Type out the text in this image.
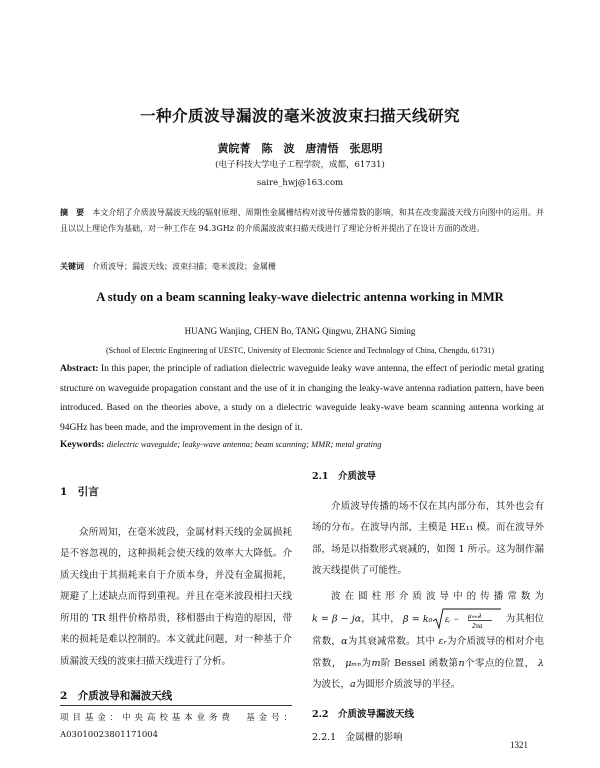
一种介质波导漏波的毫米波波束扫描天线研究
黄皖菁　陈　波　唐清悟　张思明
(电子科技大学电子工程学院，成都，61731)
saire_hwj@163.com
摘　要 本文介绍了介质波导漏波天线的辐射原理、周期性金属栅结构对波导传播常数的影响，和其在改变漏波天线方向图中的运用。并且以以上理论作为基础，对一种工作在 94.3GHz 的介质漏波波束扫描天线进行了理论分析并提出了在设计方面的改进。
关键词 介质波导；漏波天线；波束扫描；毫米波段；金属栅
A study on a beam scanning leaky-wave dielectric antenna working in MMR
HUANG Wanjing, CHEN Bo, TANG Qingwu, ZHANG Siming
(School of Electric Engineering of UESTC, University of Electronic Science and Technology of China, Chengdu, 61731)
Abstract: In this paper, the principle of radiation dielectric waveguide leaky wave antenna, the effect of periodic metal grating structure on waveguide propagation constant and the use of it in changing the leaky-wave antenna radiation pattern, have been introduced. Based on the theories above, a study on a dielectric waveguide leaky-wave beam scanning antenna working at 94GHz has been made, and the improvement in the design of it.
Keywords: dielectric waveguide; leaky-wave antenna; beam scanning; MMR; metal grating
1　引言

众所周知，在毫米波段，金属材料天线的金属损耗是不容忽视的，这种损耗会使天线的效率大大降低。介质天线由于其损耗来自于介质本身，并没有金属损耗，规避了上述缺点而得到重视。并且在毫米波段相扫天线所用的 TR 组件价格昂贵，移相器由于构造的原因，带来的损耗是难以控制的。本文就此问题，对一种基于介质漏波天线的波束扫描天线进行了分析。

2　介质波导和漏波天线
项目基金：中央高校基本业务费　基金号：A03010023801171004
2.1　介质波导

介质波导传播的场不仅在其内部分布，其外也会有场的分布。在波导内部，主模是 HE₁₁ 模。而在波导外部，场是以指数形式衰减的，如图 1 所示。这为制作漏波天线提供了可能性。

波在圆柱形介质波导中的传播常数为 k = β − jα，其中， β = k₀ εᵣ − μₘₙλ
2πa
为其相位常数，α为其衰减常数。其中 εᵣ为介质波导的相对介电常数， μₘₙ为m阶 Bessel 函数第n个零点的位置， λ为波长，a为圆形介质波导的半径。

2.2　介质波导漏波天线
2.2.1　金属栅的影响
1321
